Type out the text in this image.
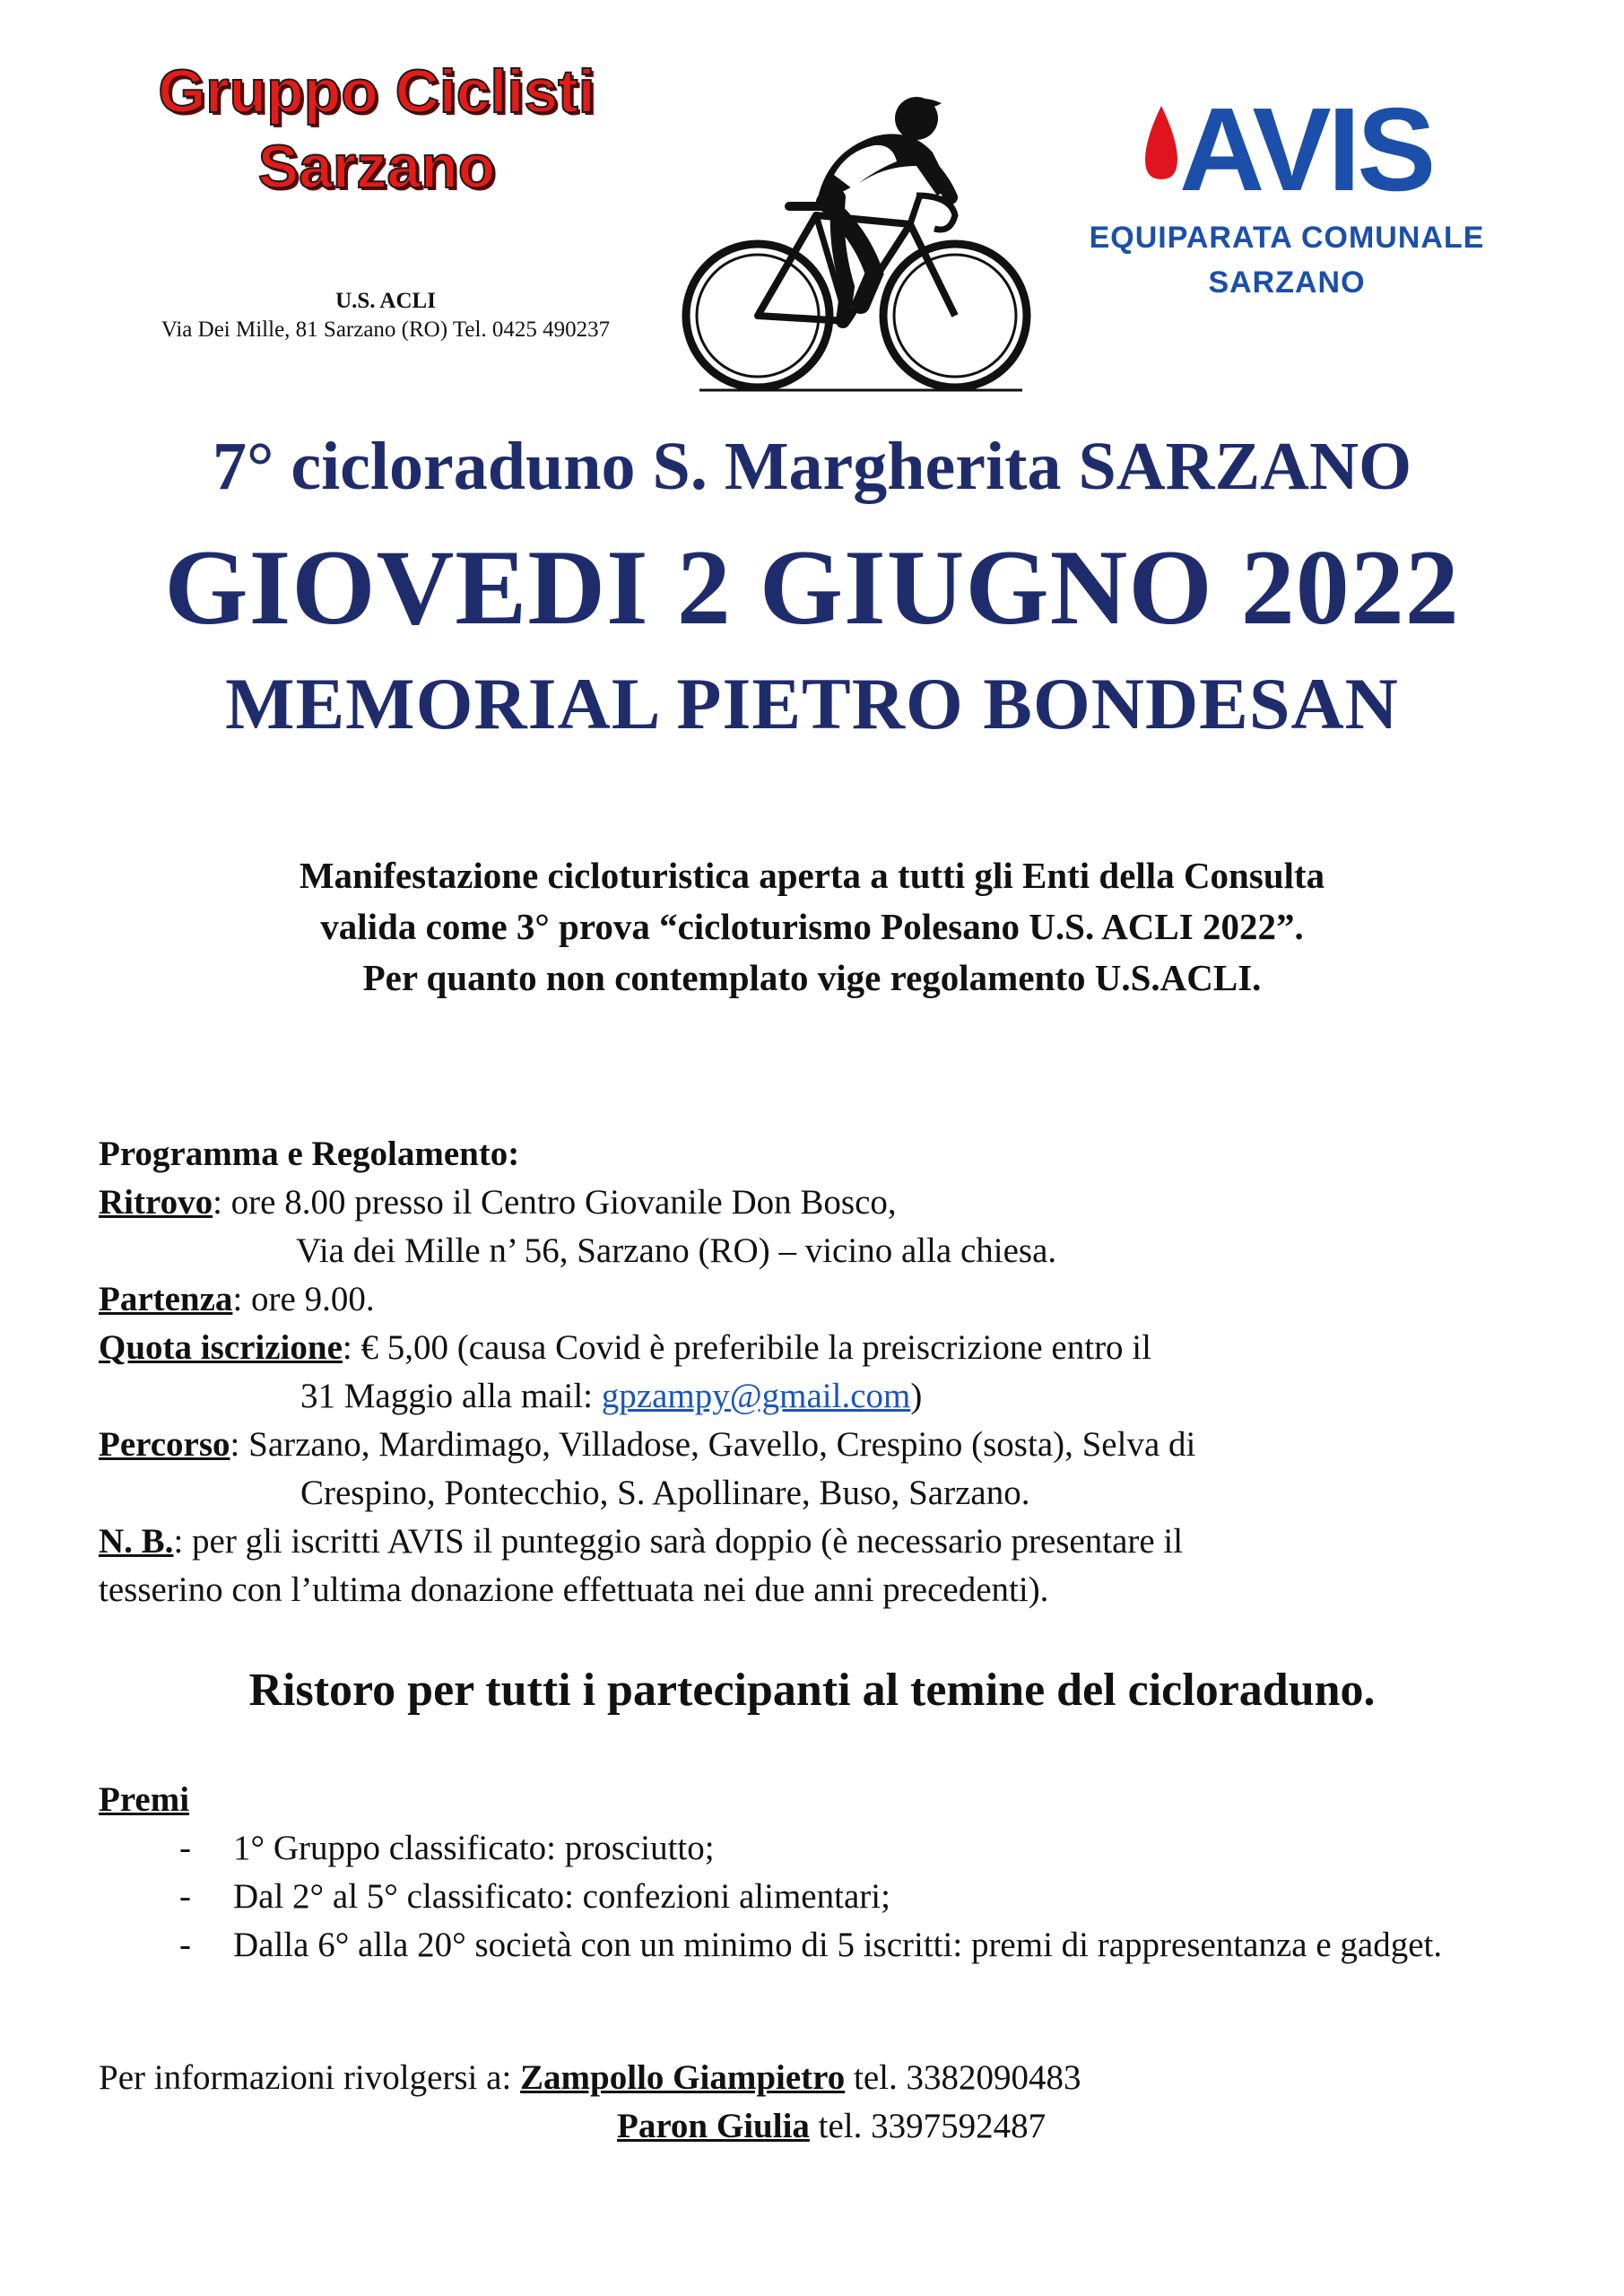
Gruppo Ciclisti
Sarzano
U.S. ACLI
Via Dei Mille, 81 Sarzano (RO) Tel. 0425 490237
AVIS
EQUIPARATA COMUNALE
SARZANO
7° cicloraduno S. Margherita SARZANO
GIOVEDI 2 GIUGNO 2022
MEMORIAL PIETRO BONDESAN
Manifestazione cicloturistica aperta a tutti gli Enti della Consulta
valida come 3° prova “cicloturismo Polesano U.S. ACLI 2022”.
Per quanto non contemplato vige regolamento U.S.ACLI.
Programma e Regolamento:
Ritrovo: ore 8.00 presso il Centro Giovanile Don Bosco,
Via dei Mille n’ 56, Sarzano (RO) – vicino alla chiesa.
Partenza: ore 9.00.
Quota iscrizione: € 5,00 (causa Covid è preferibile la preiscrizione entro il
31 Maggio alla mail: gpzampy@gmail.com)
Percorso: Sarzano, Mardimago, Villadose, Gavello, Crespino (sosta), Selva di
Crespino, Pontecchio, S. Apollinare, Buso, Sarzano.
N. B.: per gli iscritti AVIS il punteggio sarà doppio (è necessario presentare il
tesserino con l’ultima donazione effettuata nei due anni precedenti).
Ristoro per tutti i partecipanti al temine del cicloraduno.
Premi
- 1° Gruppo classificato: prosciutto;
- Dal 2° al 5° classificato: confezioni alimentari;
- Dalla 6° alla 20° società con un minimo di 5 iscritti: premi di rappresentanza e gadget.
Per informazioni rivolgersi a: Zampollo Giampietro tel. 3382090483
Paron Giulia tel. 3397592487
